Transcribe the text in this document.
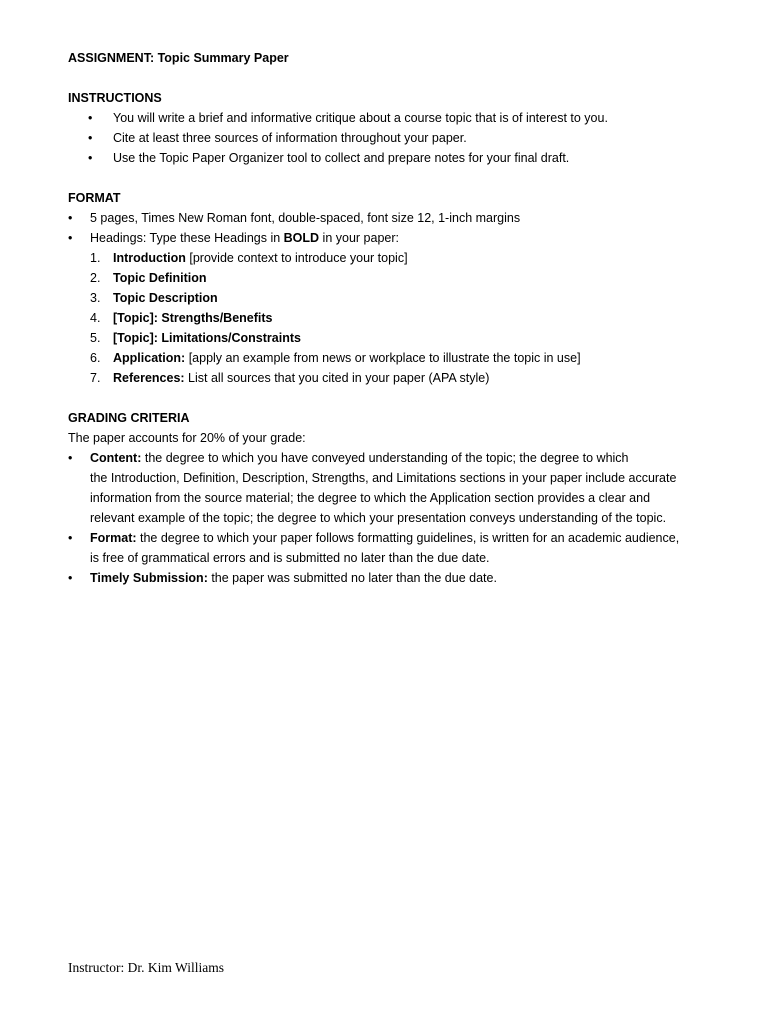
ASSIGNMENT: Topic Summary Paper
INSTRUCTIONS
•	You will write a brief and informative critique about a course topic that is of interest to you.
•	Cite at least three sources of information throughout your paper.
•	Use the Topic Paper Organizer tool to collect and prepare notes for your final draft.
FORMAT
•	5 pages, Times New Roman font, double-spaced, font size 12, 1-inch margins
•	Headings: Type these Headings in BOLD in your paper:
1.	Introduction [provide context to introduce your topic]
2.	Topic Definition
3.	Topic Description
4.	[Topic]: Strengths/Benefits
5.	[Topic]: Limitations/Constraints
6.	Application: [apply an example from news or workplace to illustrate the topic in use]
7.	References: List all sources that you cited in your paper (APA style)
GRADING CRITERIA
The paper accounts for 20% of your grade:
•	Content: the degree to which you have conveyed understanding of the topic; the degree to which
the Introduction, Definition, Description, Strengths, and Limitations sections in your paper include accurate
information from the source material; the degree to which the Application section provides a clear and
relevant example of the topic; the degree to which your presentation conveys understanding of the topic.
•	Format: the degree to which your paper follows formatting guidelines, is written for an academic audience,
is free of grammatical errors and is submitted no later than the due date.
•	Timely Submission: the paper was submitted no later than the due date.
Instructor: Dr. Kim Williams
